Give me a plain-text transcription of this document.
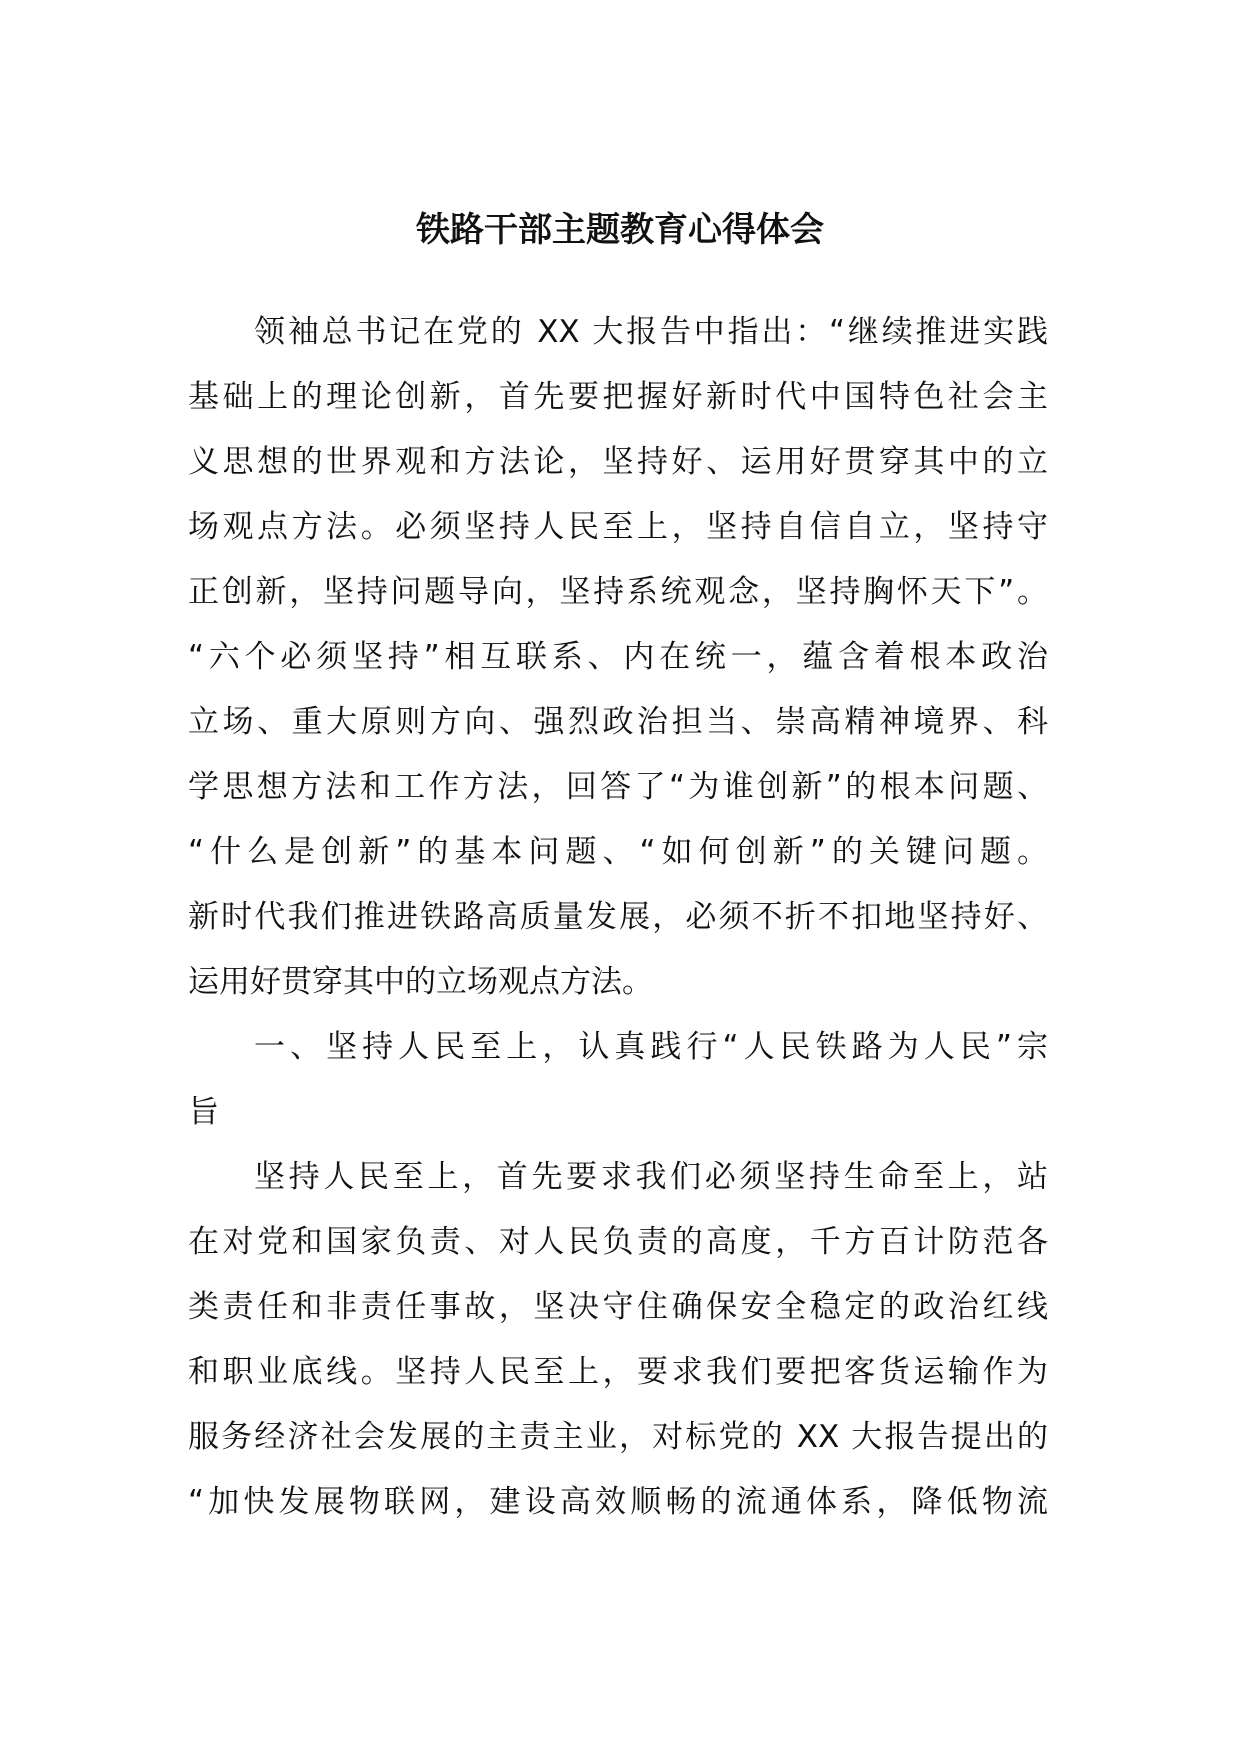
铁路干部主题教育心得体会
领袖总书记在党的 XX 大报告中指出：“继续推进实践
基础上的理论创新，首先要把握好新时代中国特色社会主
义思想的世界观和方法论，坚持好、运用好贯穿其中的立
场观点方法。必须坚持人民至上，坚持自信自立，坚持守
正创新，坚持问题导向，坚持系统观念，坚持胸怀天下”。
“六个必须坚持”相互联系、内在统一，蕴含着根本政治
立场、重大原则方向、强烈政治担当、崇高精神境界、科
学思想方法和工作方法，回答了“为谁创新”的根本问题、
“什么是创新”的基本问题、“如何创新”的关键问题。
新时代我们推进铁路高质量发展，必须不折不扣地坚持好、
运用好贯穿其中的立场观点方法。
一、坚持人民至上，认真践行“人民铁路为人民”宗
旨
坚持人民至上，首先要求我们必须坚持生命至上，站
在对党和国家负责、对人民负责的高度，千方百计防范各
类责任和非责任事故，坚决守住确保安全稳定的政治红线
和职业底线。坚持人民至上，要求我们要把客货运输作为
服务经济社会发展的主责主业，对标党的 XX 大报告提出的
“加快发展物联网，建设高效顺畅的流通体系，降低物流
